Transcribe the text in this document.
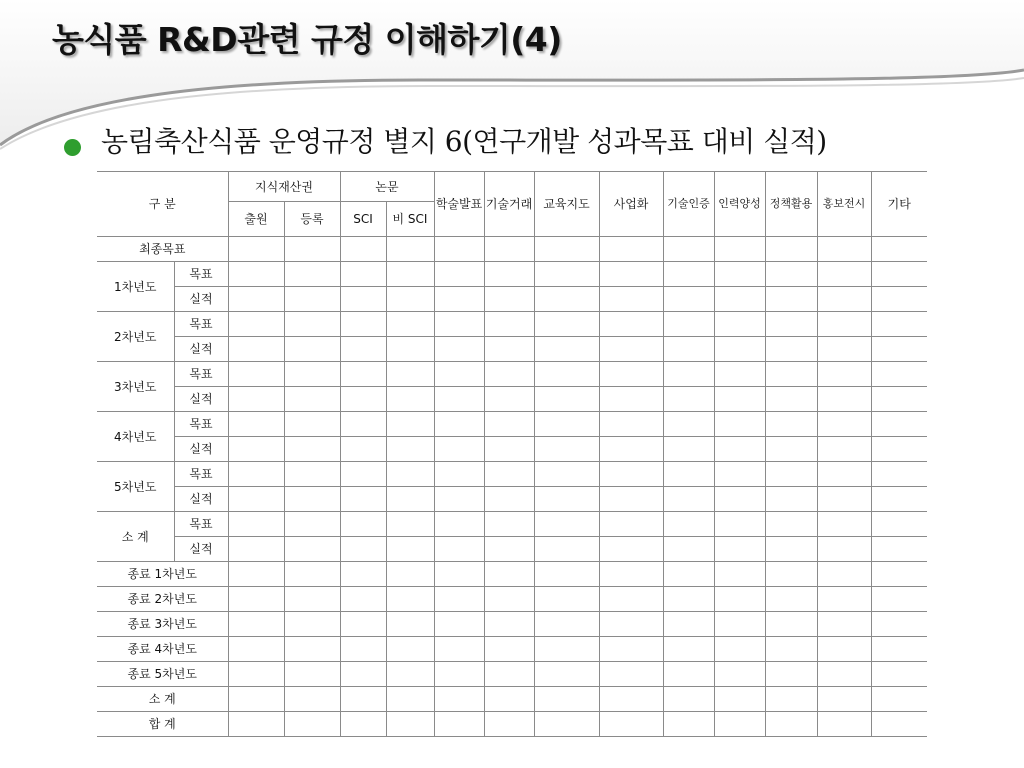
농식품 R&D관련 규정 이해하기(4)
농림축산식품 운영규정 별지 6(연구개발 성과목표 대비 실적)
구 분		지식재산권		논문		학술발표	기술거래	교육지도	사업화	기술인증	인력양성	정책활용	홍보전시	기타
		출원	등록	SCI	비 SCI									
최종목표														
1차년도	목표													
	실적													
2차년도	목표													
	실적													
3차년도	목표													
	실적													
4차년도	목표													
	실적													
5차년도	목표													
	실적													
소 계	목표													
	실적													
종료 1차년도														
종료 2차년도														
종료 3차년도														
종료 4차년도														
종료 5차년도														
소 계														
합 계														
